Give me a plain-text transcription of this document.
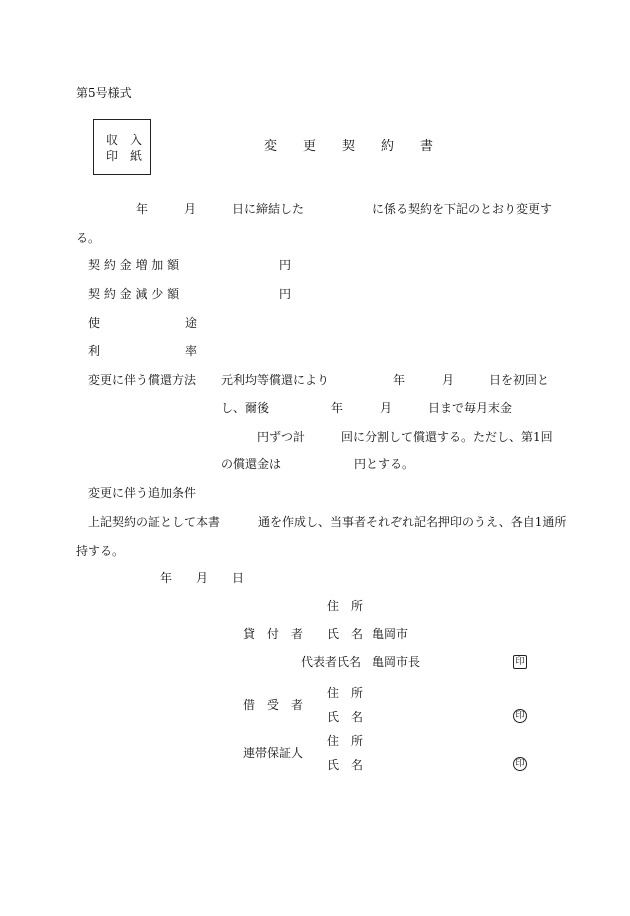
第5号様式
収　入
印　紙
変　　更　　契　　約　　書
年	月	日に締結した	に係る契約を下記のとおり変更す
る。
契 約 金 増 加 額	円
契 約 金 減 少 額	円
使	途
利	率
変更に伴う償還方法 元利均等償還により	年	月	日を初回と
し、爾後	年	月	日まで毎月末金
円ずつ計	回に分割して償還する。ただし、第1回
の償還金は	円とする。
変更に伴う追加条件
上記契約の証として本書	通を作成し、当事者それぞれ記名押印のうえ、各自1通所
持する。
年 月 日
住　所
貸　付　者 氏　名 亀岡市
代表者氏名 亀岡市長	印
住　所
借　受　者
氏　名	印
住　所
連帯保証人
氏　名	印
